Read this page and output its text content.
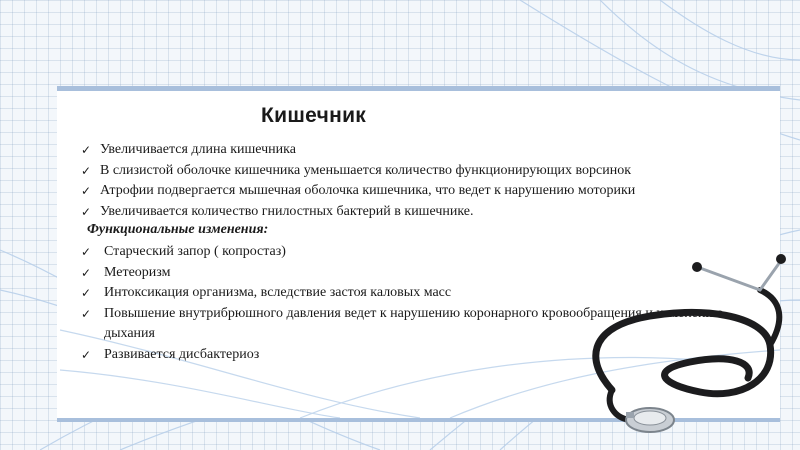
Кишечник
✓ Увеличивается длина кишечника
✓ В слизистой оболочке кишечника уменьшается количество функционирующих ворсинок
✓ Атрофии подвергается мышечная оболочка кишечника, что ведет к нарушению моторики
✓ Увеличивается количество гнилостных бактерий в кишечнике.

Функциональные изменения:

✓ Старческий запор ( копростаз)
✓ Метеоризм
✓ Интоксикация организма, вследствие застоя каловых масс
✓ Повышение внутрибрюшного давления ведет к нарушению коронарного кровообращения и изменению дыхания
✓ Развивается дисбактериоз
